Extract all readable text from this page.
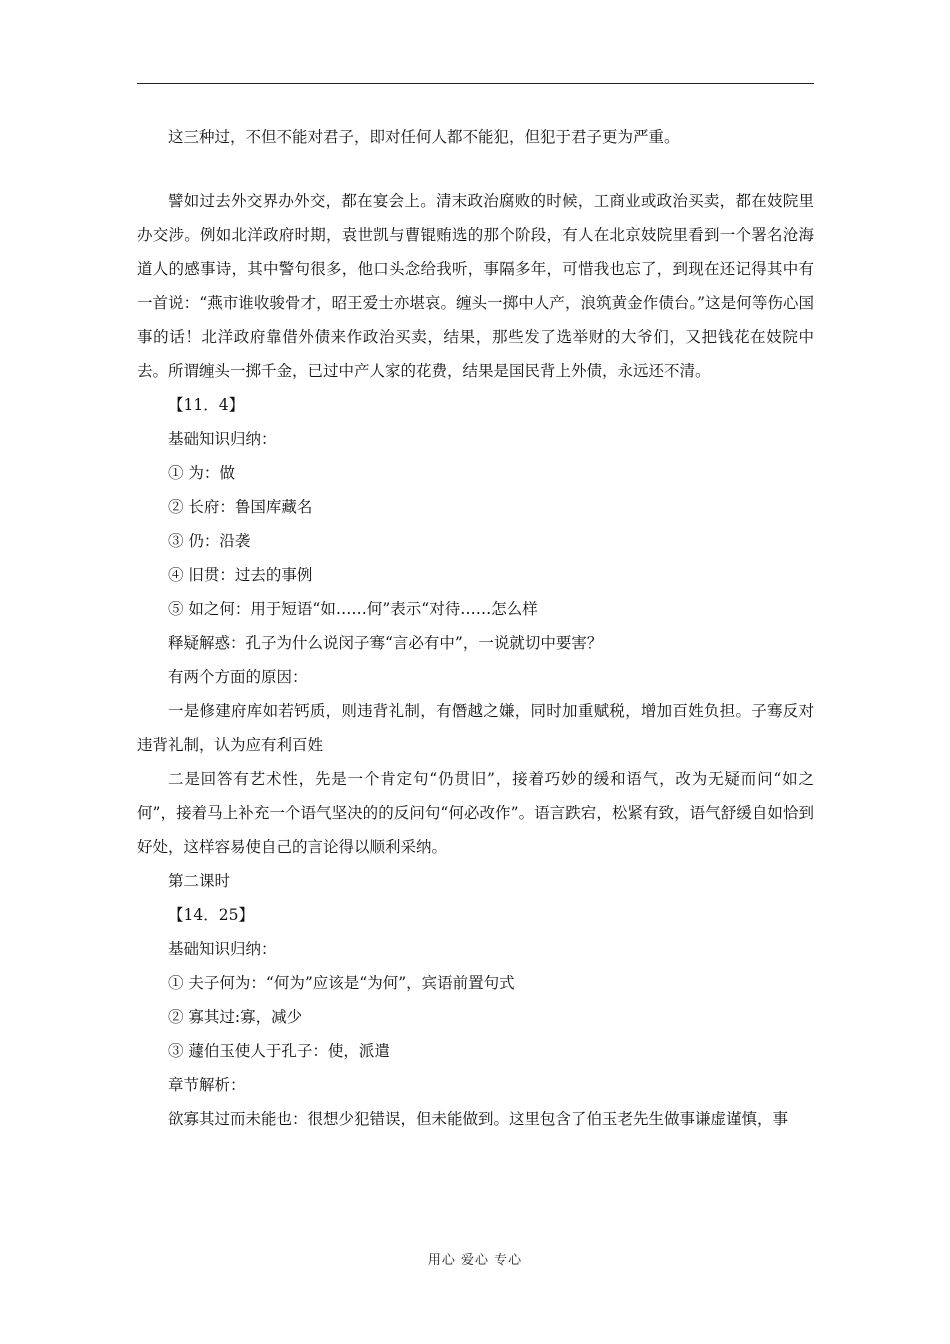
这三种过，不但不能对君子，即对任何人都不能犯，但犯于君子更为严重。

譬如过去外交界办外交，都在宴会上。清末政治腐败的时候，工商业或政治买卖，都在妓院里办交涉。例如北洋政府时期，袁世凯与曹锟贿选的那个阶段，有人在北京妓院里看到一个署名沧海道人的感事诗，其中警句很多，他口头念给我听，事隔多年，可惜我也忘了，到现在还记得其中有一首说：“燕市谁收骏骨才，昭王爱士亦堪哀。缠头一掷中人产，浪筑黄金作债台。”这是何等伤心国事的话！北洋政府靠借外债来作政治买卖，结果，那些发了选举财的大爷们，又把钱花在妓院中去。所谓缠头一掷千金，已过中产人家的花费，结果是国民背上外债，永远还不清。

【11．4】

基础知识归纳：

① 为：做

② 长府：鲁国库藏名

③ 仍：沿袭

④ 旧贯：过去的事例

⑤ 如之何：用于短语“如……何”表示“对待……怎么样

释疑解惑：孔子为什么说闵子骞“言必有中”，一说就切中要害？

有两个方面的原因：

一是修建府库如若钙质，则违背礼制，有僭越之嫌，同时加重赋税，增加百姓负担。子骞反对违背礼制，认为应有利百姓

二是回答有艺术性，先是一个肯定句“仍贯旧”，接着巧妙的缓和语气，改为无疑而问“如之何”，接着马上补充一个语气坚决的的反问句“何必改作”。语言跌宕，松紧有致，语气舒缓自如恰到好处，这样容易使自己的言论得以顺利采纳。

第二课时

【14．25】

基础知识归纳：

① 夫子何为：“何为”应该是“为何”，宾语前置句式

② 寡其过:寡，减少

③ 蘧伯玉使人于孔子：使，派遣

章节解析：

欲寡其过而未能也：很想少犯错误，但未能做到。这里包含了伯玉老先生做事谦虚谨慎，事

用心 爱心 专心
